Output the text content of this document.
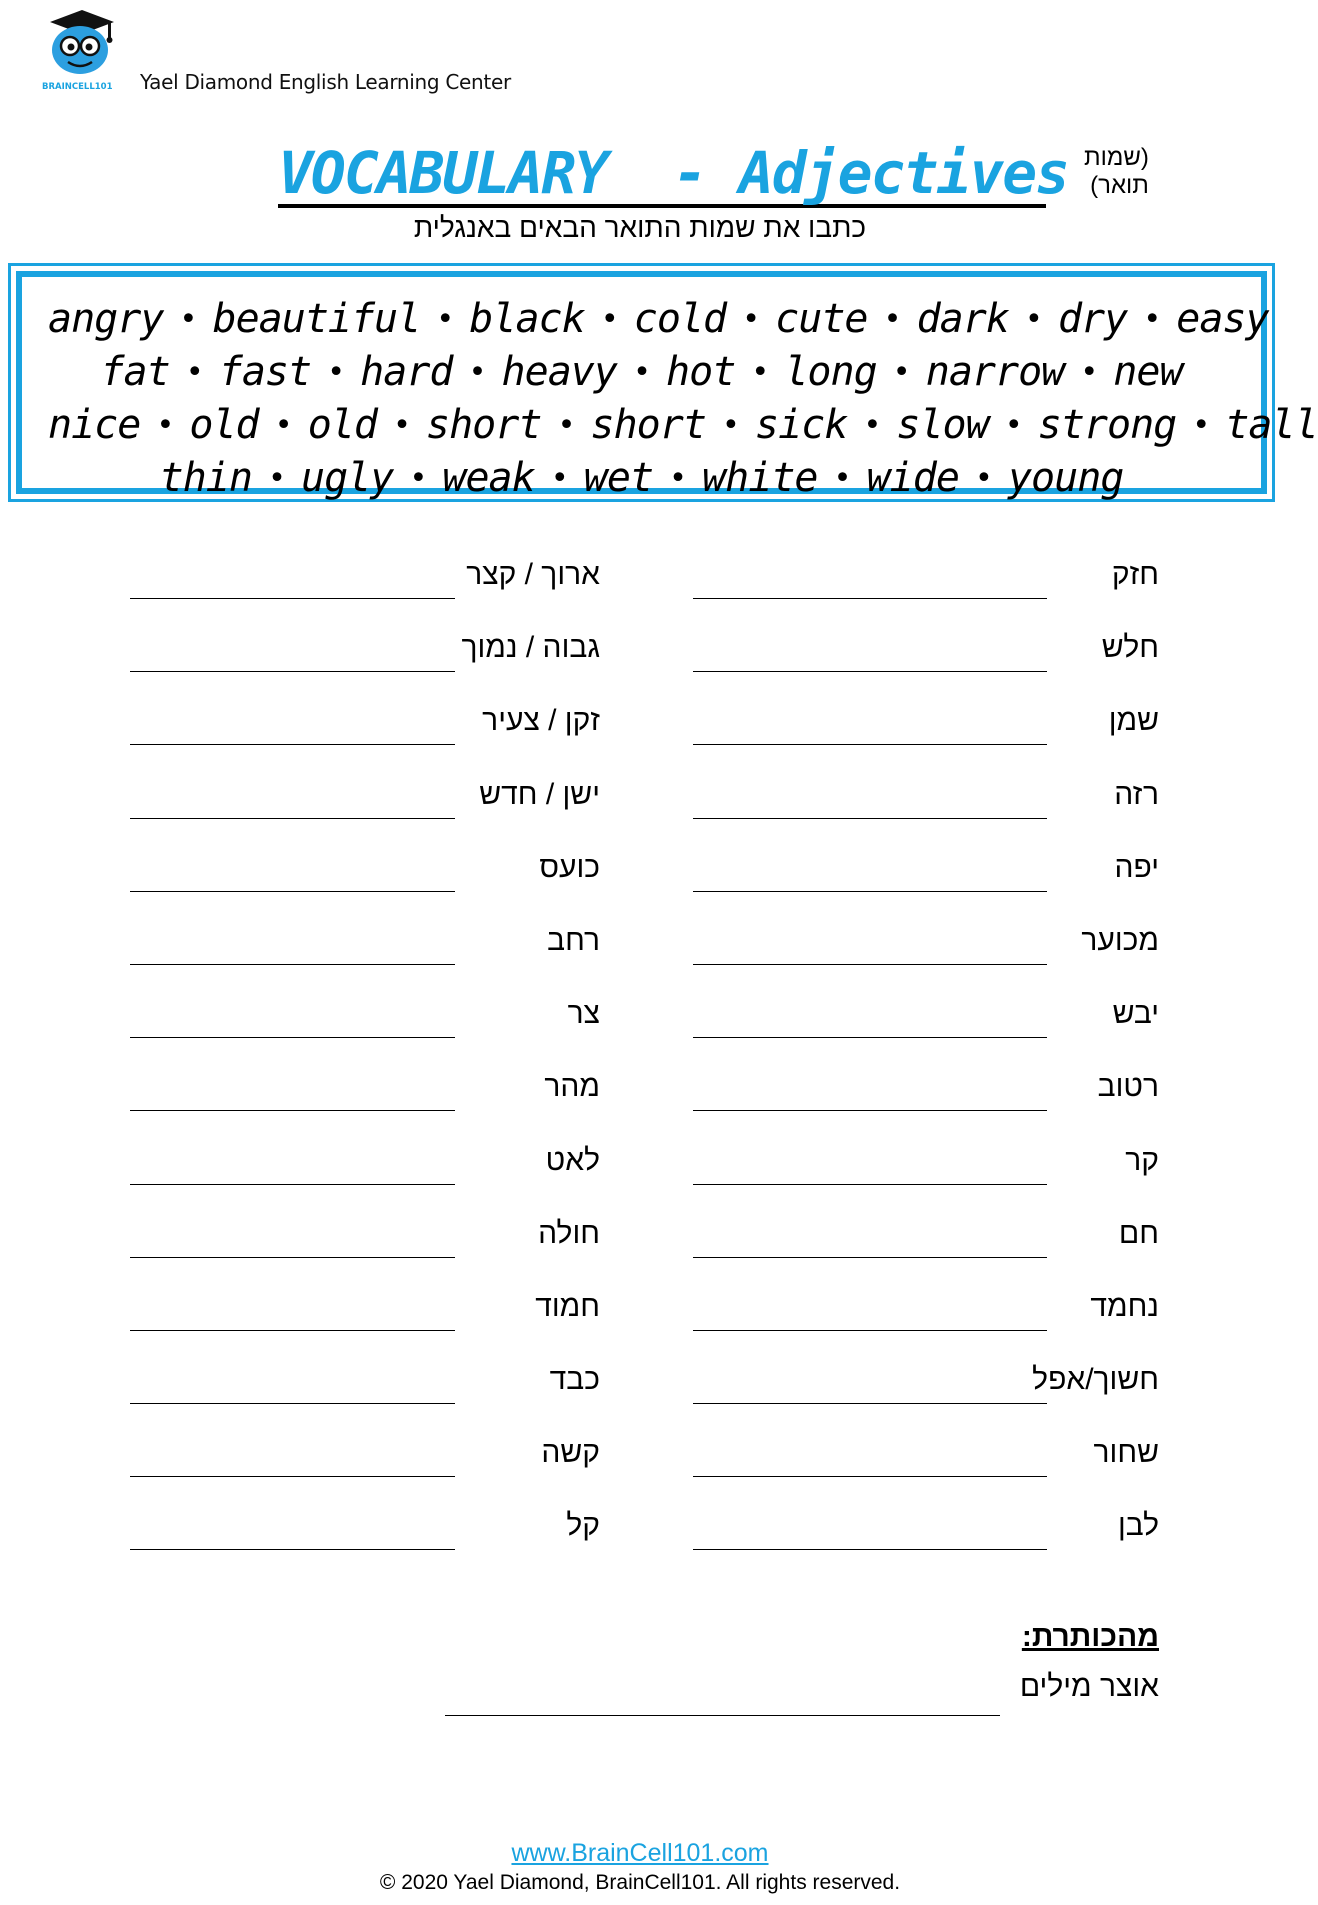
BRAINCELL101 Yael Diamond English Learning Center
VOCABULARY  - Adjectives (שמות תואר)
כתבו את שמות התואר הבאים באנגלית
angry • beautiful • black • cold • cute • dark • dry • easy
fat • fast • hard • heavy • hot • long • narrow • new
nice • old • old • short • short • sick • slow • strong • tall
thin • ugly • weak • wet • white • wide • young
חזק
ארוך / קצר
חלש
גבוה / נמוך
שמן
זקן / צעיר
רזה
ישן / חדש
יפה
כועס
מכוער
רחב
יבש
צר
רטוב
מהר
קר
לאט
חם
חולה
נחמד
חמוד
חשוך/אפל
כבד
שחור
קשה
לבן
קל
מהכותרת:
אוצר מילים
www.BrainCell101.com
© 2020 Yael Diamond, BrainCell101. All rights reserved.
